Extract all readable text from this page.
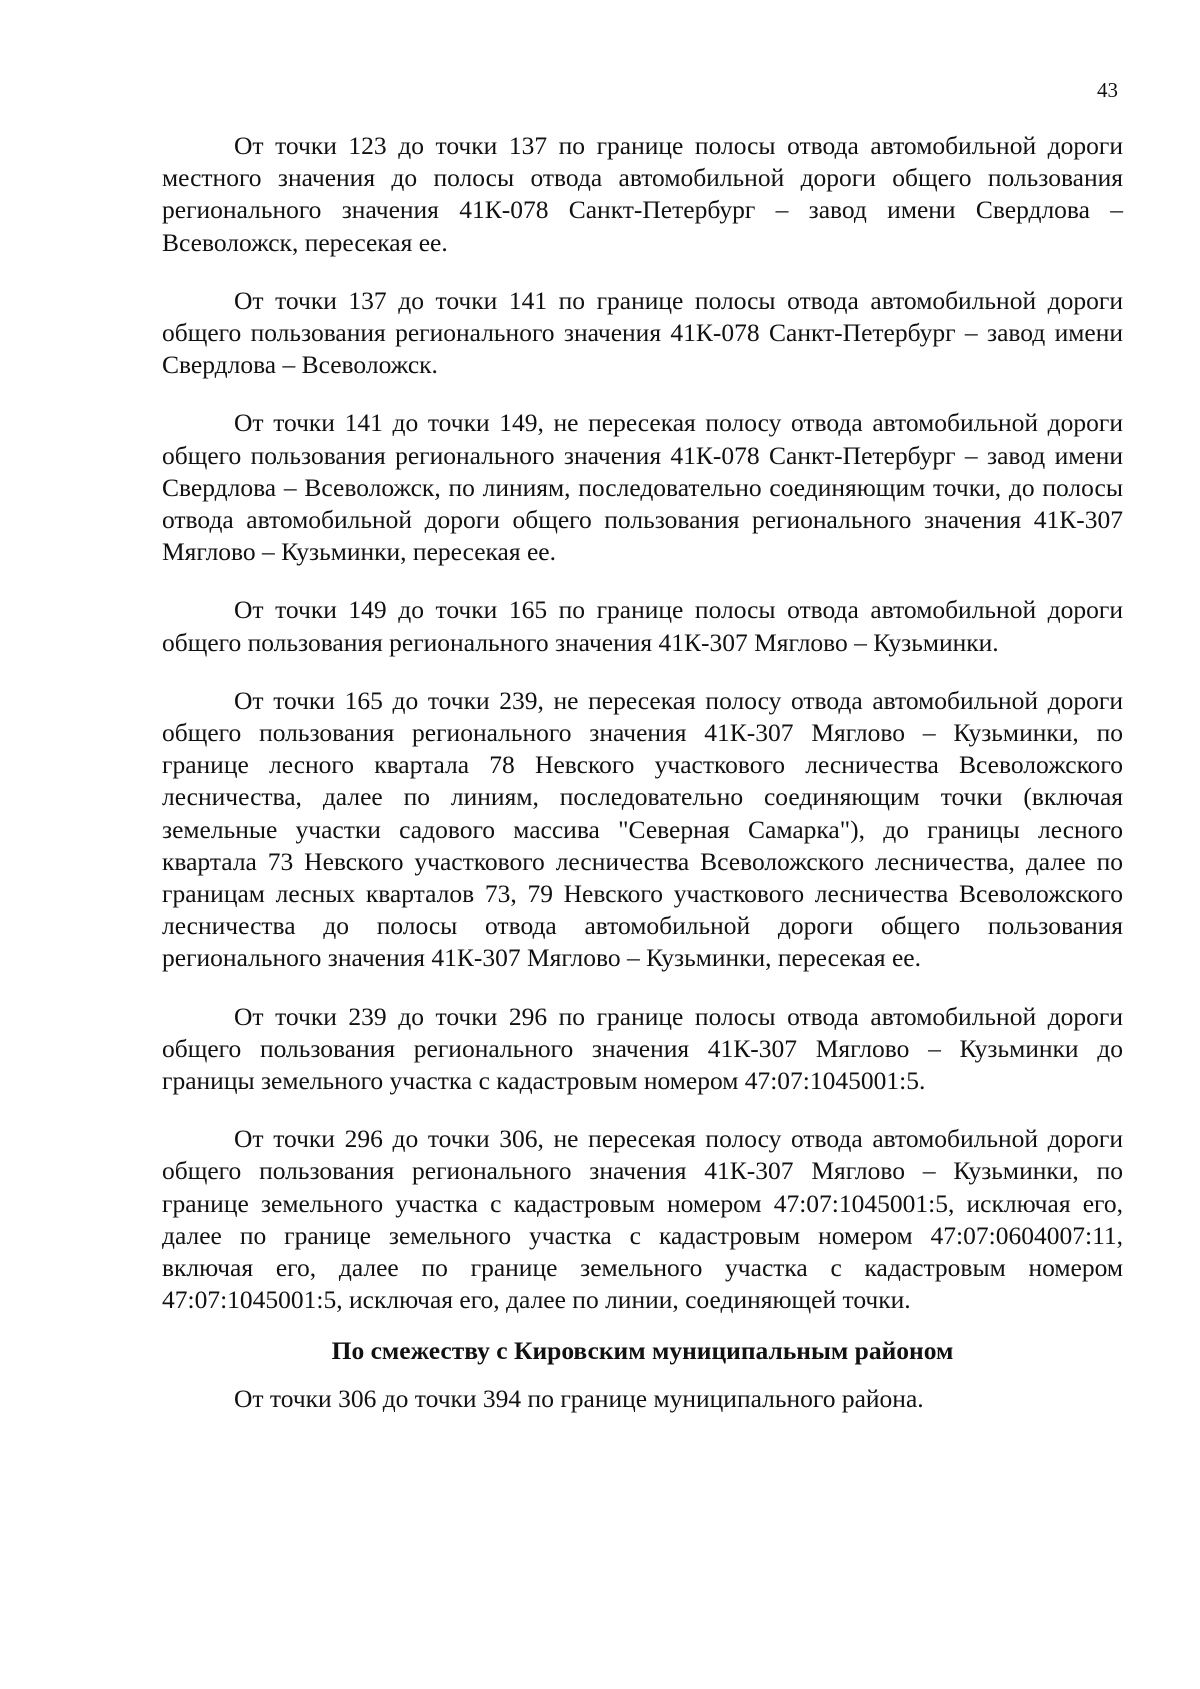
43

От точки 123 до точки 137 по границе полосы отвода автомобильной дороги местного значения до полосы отвода автомобильной дороги общего пользования регионального значения 41К-078 Санкт-Петербург – завод имени Свердлова – Всеволожск, пересекая ее.

От точки 137 до точки 141 по границе полосы отвода автомобильной дороги общего пользования регионального значения 41К-078 Санкт-Петербург – завод имени Свердлова – Всеволожск.

От точки 141 до точки 149, не пересекая полосу отвода автомобильной дороги общего пользования регионального значения 41К-078 Санкт-Петербург – завод имени Свердлова – Всеволожск, по линиям, последовательно соединяющим точки, до полосы отвода автомобильной дороги общего пользования регионального значения 41К-307 Мяглово – Кузьминки, пересекая ее.

От точки 149 до точки 165 по границе полосы отвода автомобильной дороги общего пользования регионального значения 41К-307 Мяглово – Кузьминки.

От точки 165 до точки 239, не пересекая полосу отвода автомобильной дороги общего пользования регионального значения 41К-307 Мяглово – Кузьминки, по границе лесного квартала 78 Невского участкового лесничества Всеволожского лесничества, далее по линиям, последовательно соединяющим точки (включая земельные участки садового массива "Северная Самарка"), до границы лесного квартала 73 Невского участкового лесничества Всеволожского лесничества, далее по границам лесных кварталов 73, 79 Невского участкового лесничества Всеволожского лесничества до полосы отвода автомобильной дороги общего пользования регионального значения 41К-307 Мяглово – Кузьминки, пересекая ее.

От точки 239 до точки 296 по границе полосы отвода автомобильной дороги общего пользования регионального значения 41К-307 Мяглово – Кузьминки до границы земельного участка с кадастровым номером 47:07:1045001:5.

От точки 296 до точки 306, не пересекая полосу отвода автомобильной дороги общего пользования регионального значения 41К-307 Мяглово – Кузьминки, по границе земельного участка с кадастровым номером 47:07:1045001:5, исключая его, далее по границе земельного участка с кадастровым номером 47:07:0604007:11, включая его, далее по границе земельного участка с кадастровым номером 47:07:1045001:5, исключая его, далее по линии, соединяющей точки.

По смежеству с Кировским муниципальным районом

От точки 306 до точки 394 по границе муниципального района.
